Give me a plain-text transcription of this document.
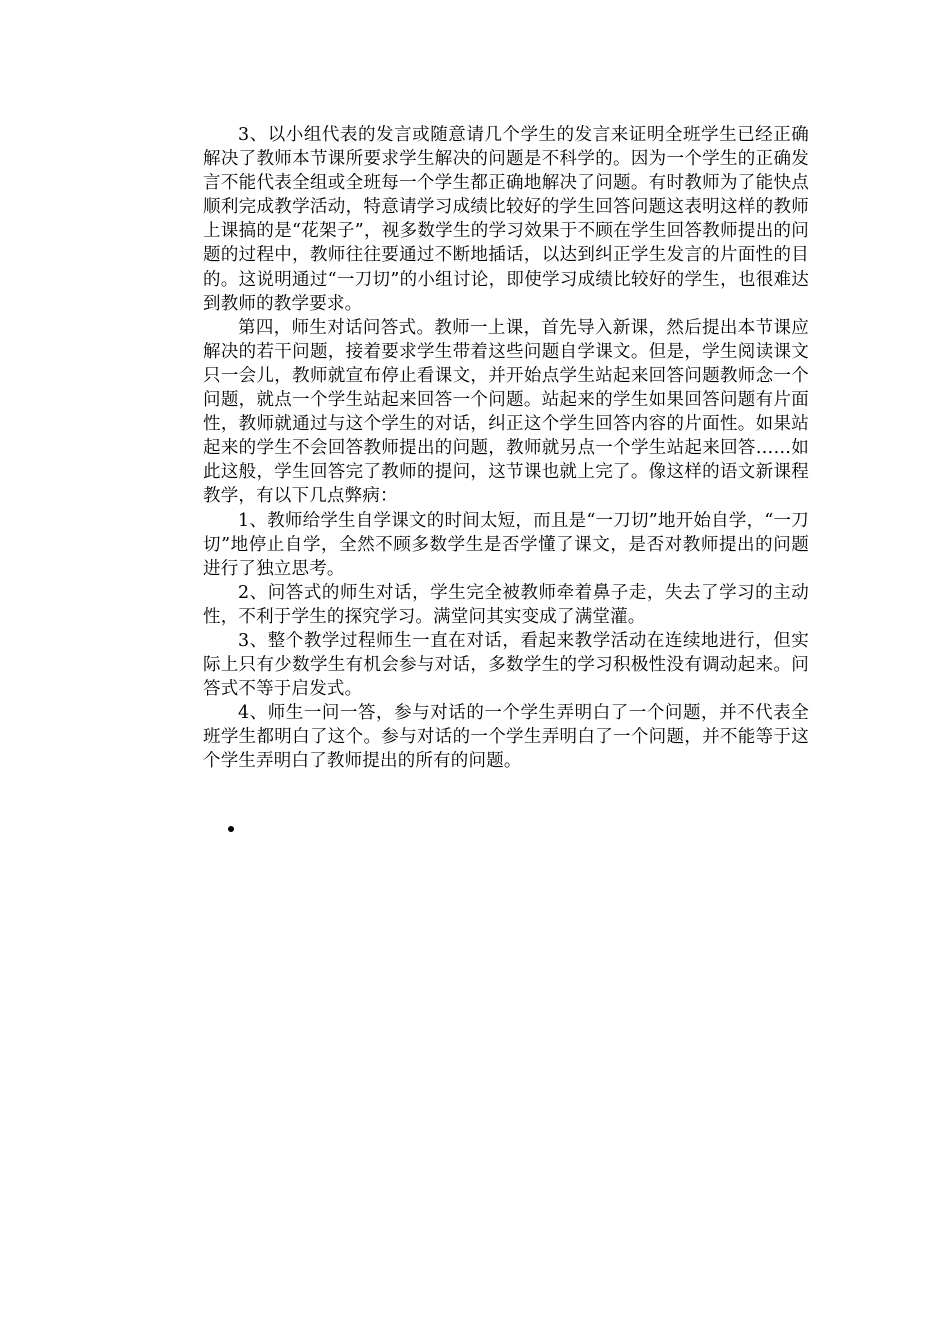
3、以小组代表的发言或随意请几个学生的发言来证明全班学生已经正确解决了教师本节课所要求学生解决的问题是不科学的。因为一个学生的正确发言不能代表全组或全班每一个学生都正确地解决了问题。有时教师为了能快点顺利完成教学活动，特意请学习成绩比较好的学生回答问题这表明这样的教师上课搞的是“花架子”，视多数学生的学习效果于不顾在学生回答教师提出的问题的过程中，教师往往要通过不断地插话，以达到纠正学生发言的片面性的目的。这说明通过“一刀切”的小组讨论，即使学习成绩比较好的学生，也很难达到教师的教学要求。

第四，师生对话问答式。教师一上课，首先导入新课，然后提出本节课应解决的若干问题，接着要求学生带着这些问题自学课文。但是，学生阅读课文只一会儿，教师就宣布停止看课文，并开始点学生站起来回答问题教师念一个问题，就点一个学生站起来回答一个问题。站起来的学生如果回答问题有片面性，教师就通过与这个学生的对话，纠正这个学生回答内容的片面性。如果站起来的学生不会回答教师提出的问题，教师就另点一个学生站起来回答……如此这般，学生回答完了教师的提问，这节课也就上完了。像这样的语文新课程教学，有以下几点弊病：

1、教师给学生自学课文的时间太短，而且是“一刀切”地开始自学，“一刀切”地停止自学，全然不顾多数学生是否学懂了课文，是否对教师提出的问题进行了独立思考。

2、问答式的师生对话，学生完全被教师牵着鼻子走，失去了学习的主动性，不利于学生的探究学习。满堂问其实变成了满堂灌。

3、整个教学过程师生一直在对话，看起来教学活动在连续地进行，但实际上只有少数学生有机会参与对话，多数学生的学习积极性没有调动起来。问答式不等于启发式。

4、师生一问一答，参与对话的一个学生弄明白了一个问题，并不代表全班学生都明白了这个。参与对话的一个学生弄明白了一个问题，并不能等于这个学生弄明白了教师提出的所有的问题。
